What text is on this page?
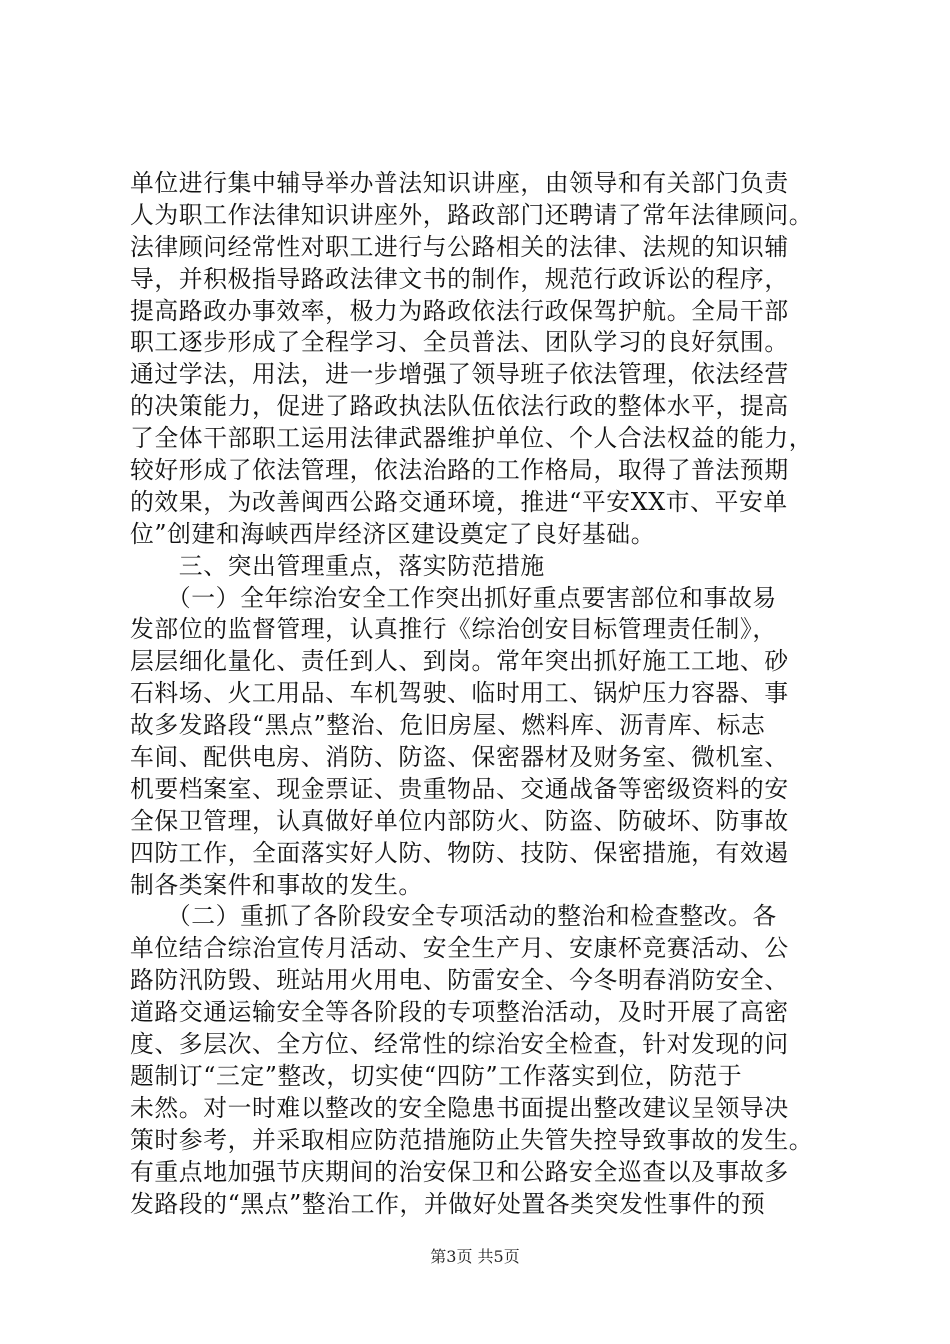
单位进行集中辅导举办普法知识讲座，由领导和有关部门负责
人为职工作法律知识讲座外，路政部门还聘请了常年法律顾问。
法律顾问经常性对职工进行与公路相关的法律、法规的知识辅
导，并积极指导路政法律文书的制作，规范行政诉讼的程序，
提高路政办事效率，极力为路政依法行政保驾护航。全局干部
职工逐步形成了全程学习、全员普法、团队学习的良好氛围。
通过学法，用法，进一步增强了领导班子依法管理，依法经营
的决策能力，促进了路政执法队伍依法行政的整体水平，提高
了全体干部职工运用法律武器维护单位、个人合法权益的能力，
较好形成了依法管理，依法治路的工作格局，取得了普法预期
的效果，为改善闽西公路交通环境，推进“平安XX市、平安单
位”创建和海峡西岸经济区建设奠定了良好基础。
　　三、突出管理重点，落实防范措施
　　（一）全年综治安全工作突出抓好重点要害部位和事故易
发部位的监督管理，认真推行《综治创安目标管理责任制》，
层层细化量化、责任到人、到岗。常年突出抓好施工工地、砂
石料场、火工用品、车机驾驶、临时用工、锅炉压力容器、事
故多发路段“黑点”整治、危旧房屋、燃料库、沥青库、标志
车间、配供电房、消防、防盗、保密器材及财务室、微机室、
机要档案室、现金票证、贵重物品、交通战备等密级资料的安
全保卫管理，认真做好单位内部防火、防盗、防破坏、防事故
四防工作，全面落实好人防、物防、技防、保密措施，有效遏
制各类案件和事故的发生。
　　（二）重抓了各阶段安全专项活动的整治和检查整改。各
单位结合综治宣传月活动、安全生产月、安康杯竞赛活动、公
路防汛防毁、班站用火用电、防雷安全、今冬明春消防安全、
道路交通运输安全等各阶段的专项整治活动，及时开展了高密
度、多层次、全方位、经常性的综治安全检查，针对发现的问
题制订“三定”整改，切实使“四防”工作落实到位，防范于
未然。对一时难以整改的安全隐患书面提出整改建议呈领导决
策时参考，并采取相应防范措施防止失管失控导致事故的发生。
有重点地加强节庆期间的治安保卫和公路安全巡查以及事故多
发路段的“黑点”整治工作，并做好处置各类突发性事件的预
第3页 共5页
